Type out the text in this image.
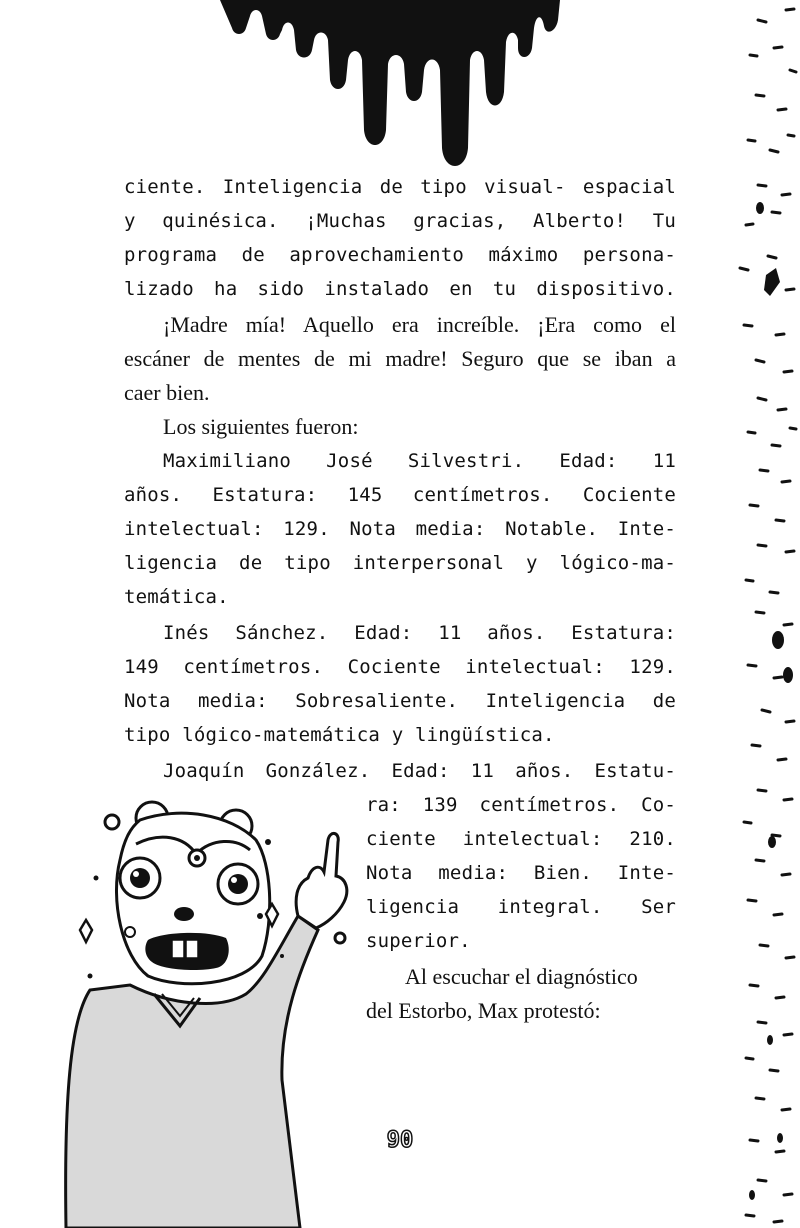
ciente. Inteligencia de tipo visual- espacial
y quinésica. ¡Muchas gracias, Alberto! Tu
programa de aprovechamiento máximo persona-
lizado ha sido instalado en tu dispositivo.
¡Madre mía! Aquello era increíble. ¡Era como el
escáner de mentes de mi madre! Seguro que se iban a
caer bien.
Los siguientes fueron:
Maximiliano José Silvestri. Edad: 11
años. Estatura: 145 centímetros. Cociente
intelectual: 129. Nota media: Notable. Inte-
ligencia de tipo interpersonal y lógico-ma-
temática.
Inés Sánchez. Edad: 11 años. Estatura:
149 centímetros. Cociente intelectual: 129.
Nota media: Sobresaliente. Inteligencia de
tipo lógico-matemática y lingüística.
Joaquín González. Edad: 11 años. Estatu-
ra: 139 centímetros. Co-
ciente intelectual: 210.
Nota media: Bien. Inte-
ligencia integral. Ser
superior.
Al escuchar el diagnóstico
del Estorbo, Max protestó:
90
